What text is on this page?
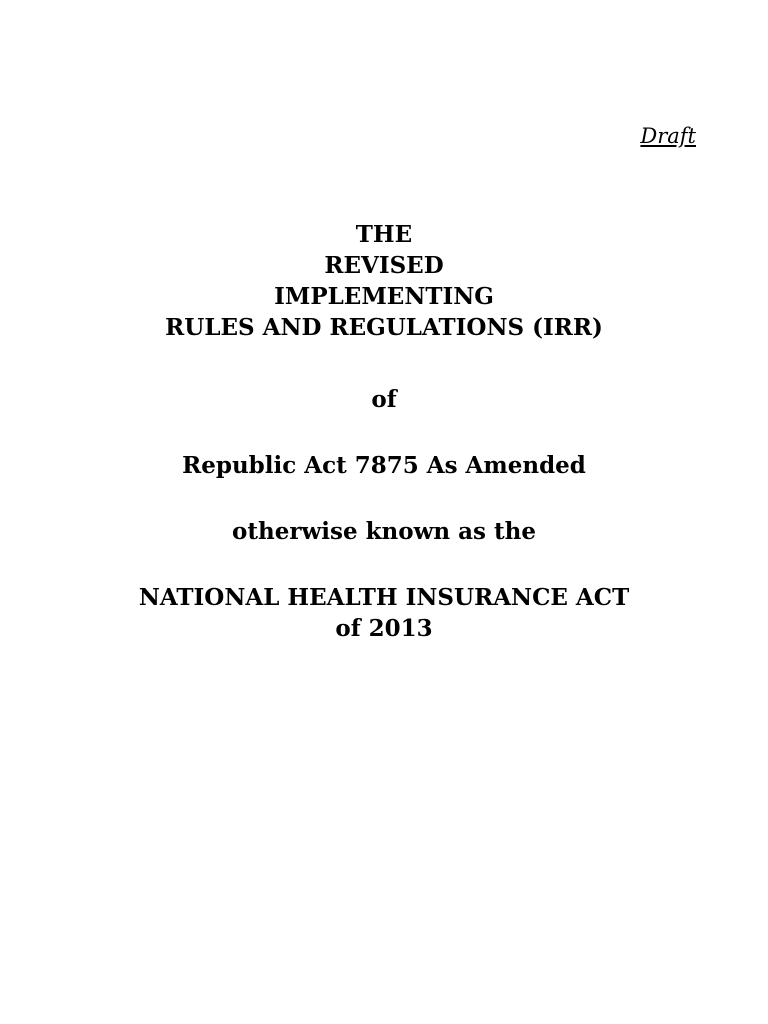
Draft
THE
REVISED
IMPLEMENTING
RULES AND REGULATIONS (IRR)
of
Republic Act 7875 As Amended
otherwise known as the
NATIONAL HEALTH INSURANCE ACT
of 2013
